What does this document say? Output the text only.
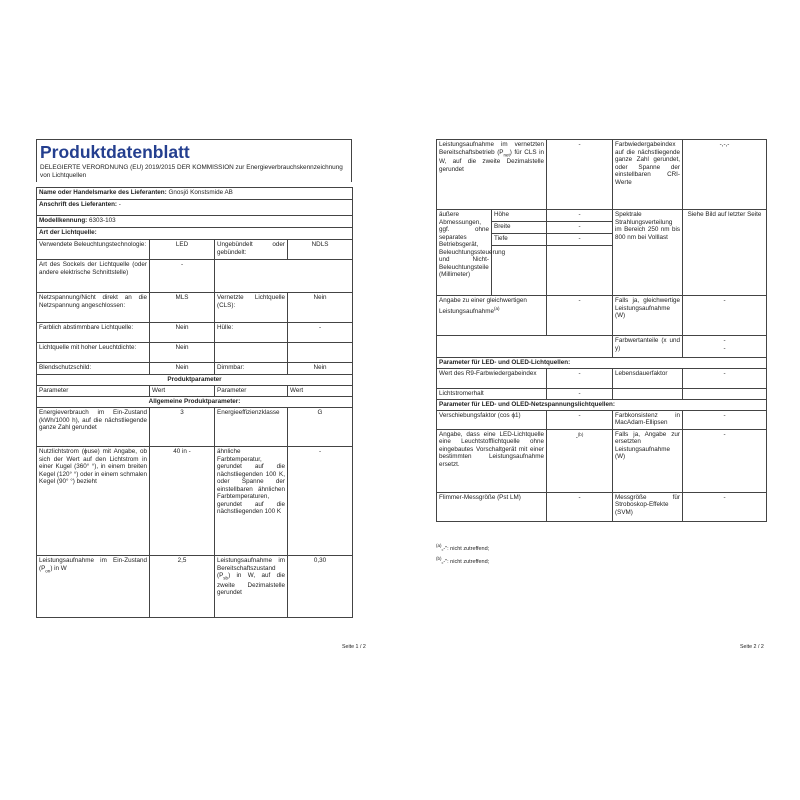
Produktdatenblatt
DELEGIERTE VERORDNUNG (EU) 2019/2015 DER KOMMISSION zur Energieverbrauchskennzeichnung von Lichtquellen
Name oder Handelsmarke des Lieferanten: Gnosjö Konstsmide AB			
Anschrift des Lieferanten: -			
Modellkennung: 6303-103			
Art der Lichtquelle:			
Verwendete Beleuchtungstechnologie:	LED	Ungebündelt oder gebündelt:	NDLS
Art des Sockels der Lichtquelle (oder andere elektrische Schnittstelle)	-		
Netzspannung/Nicht direkt an die Netzspannung angeschlossen:	MLS	Vernetzte Lichtquelle (CLS):	Nein
Farblich abstimmbare Lichtquelle:	Nein	Hülle:	-
Lichtquelle mit hoher Leuchtdichte:	Nein		
Blendschutzschild:	Nein	Dimmbar:	Nein
Produktparameter			
Parameter	Wert	Parameter	Wert
Allgemeine Produktparameter:			
Energieverbrauch im Ein-Zustand (kWh/1000 h), auf die nächstliegende ganze Zahl gerundet	3	Energieeffizienzklasse	G
Nutzlichtstrom (ϕuse) mit Angabe, ob sich der Wert auf den Lichtstrom in einer Kugel (360° °), in einem breiten Kegel (120° °) oder in einem schmalen Kegel (90° °) bezieht	40 in -	ähnliche Farbtemperatur, gerundet auf die nächstliegenden 100 K, oder Spanne der einstellbaren ähnlichen Farbtemperaturen, gerundet auf die nächstliegenden 100 K	-
Leistungsaufnahme im Ein-Zustand $(P_{on})$ in W	2,5	Leistungsaufnahme im Bereitschaftszustand $(P_{sb})$ in W, auf die zweite Dezimalstelle gerundet	0,30
Seite 1 / 2
Leistungsaufnahme im vernetzten Bereitschaftsbetrieb $(P_{net})$ für CLS in W, auf die zweite Dezimalstelle gerundet		-	Farbwiedergabeindex auf die nächstliegende ganze Zahl gerundet, oder Spanne der einstellbaren CRI-Werte	-,-,-
äußere Abmessungen, ggf. ohne separates Betriebsgerät, Beleuchtungssteuerung und Nicht-Beleuchtungsteile (Millimeter)	Höhe	-	Spektrale Strahlungsverteilung im Bereich 250 nm bis 800 nm bei Volllast	Siehe Bild auf letzter Seite
	Breite	-		
	Tiefe	-		

Angabe zu einer gleichwertigen Leistungsaufnahme$^{(a)}$		-	Falls ja, gleichwertige Leistungsaufnahme (W)	-
			Farbwertanteile (x und y)	-
-

Parameter für LED- und OLED-Lichtquellen:				
Wert des R9-Farbwiedergabeindex		-	Lebensdauerfaktor	-
Lichtstromerhalt		-		
Parameter für LED- und OLED-Netzspannungslichtquellen:				
Verschiebungsfaktor (cos ϕ1)		-	Farbkonsistenz in MacAdam-Ellipsen	-
Angabe, dass eine LED-Lichtquelle eine Leuchtstofflichtquelle ohne eingebautes Vorschaltgerät mit einer bestimmten Leistungsaufnahme ersetzt.		-$^{(b)}$	Falls ja, Angabe zur ersetzten Leistungsaufnahme (W)	-
Flimmer-Messgröße (Pst LM)		-	Messgröße für Stroboskop-Effekte (SVM)	-
$^{(a)}$„-": nicht zutreffend;
$^{(b)}$„-": nicht zutreffend;
Seite 2 / 2
